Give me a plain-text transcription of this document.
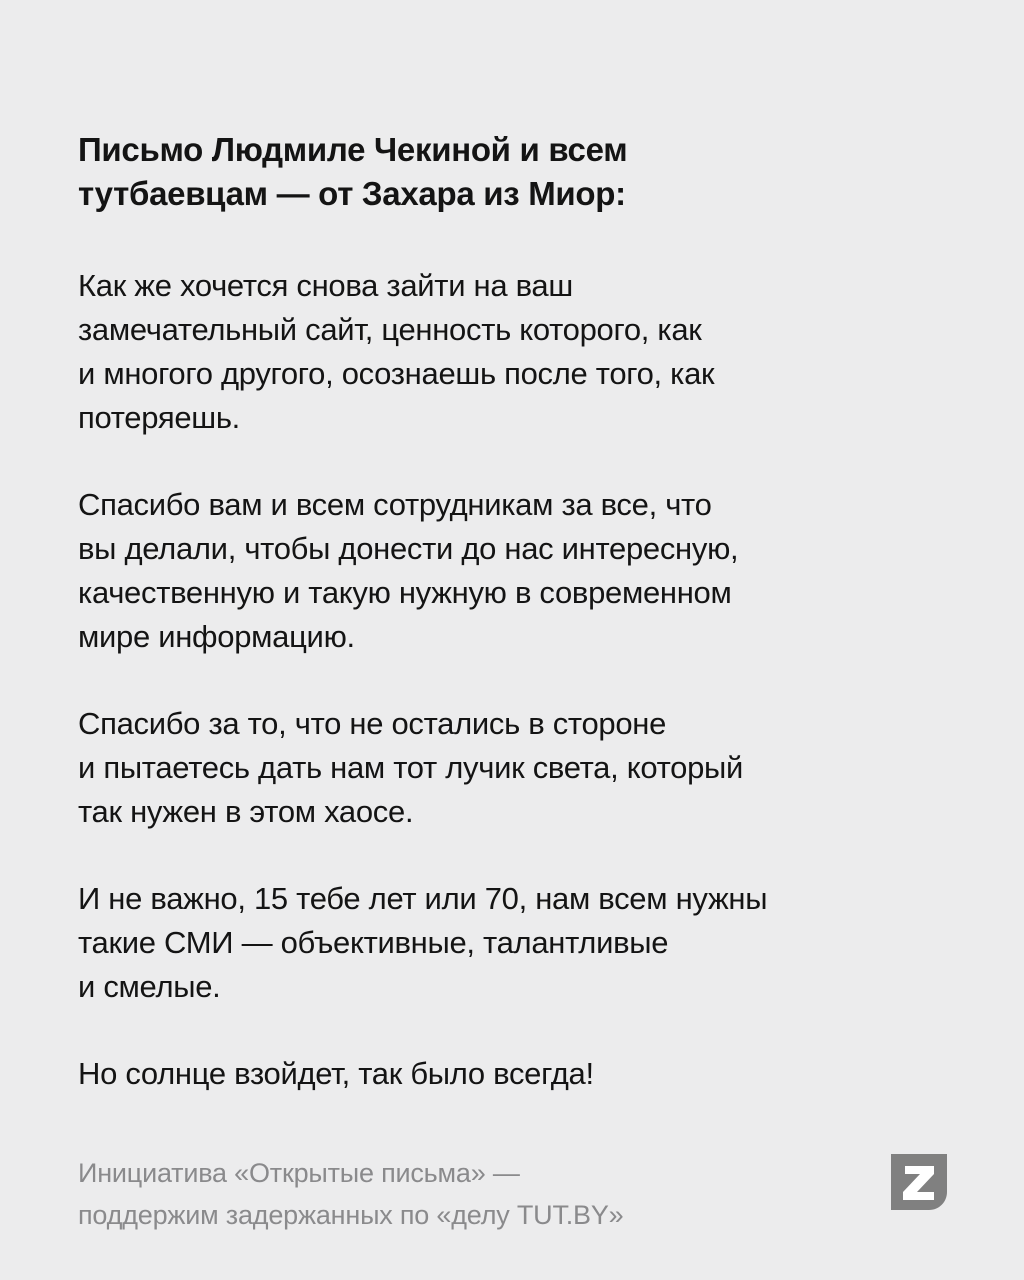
Письмо Людмиле Чекиной и всем
тутбаевцам — от Захара из Миор:

Как же хочется снова зайти на ваш
замечательный сайт, ценность которого, как
и многого другого, осознаешь после того, как
потеряешь.

Спасибо вам и всем сотрудникам за все, что
вы делали, чтобы донести до нас интересную,
качественную и такую нужную в современном
мире информацию.

Спасибо за то, что не остались в стороне
и пытаетесь дать нам тот лучик света, который
так нужен в этом хаосе.

И не важно, 15 тебе лет или 70, нам всем нужны
такие СМИ — объективные, талантливые
и смелые.

Но солнце взойдет, так было всегда!

Инициатива «Открытые письма» —
поддержим задержанных по «делу TUT.BY»
